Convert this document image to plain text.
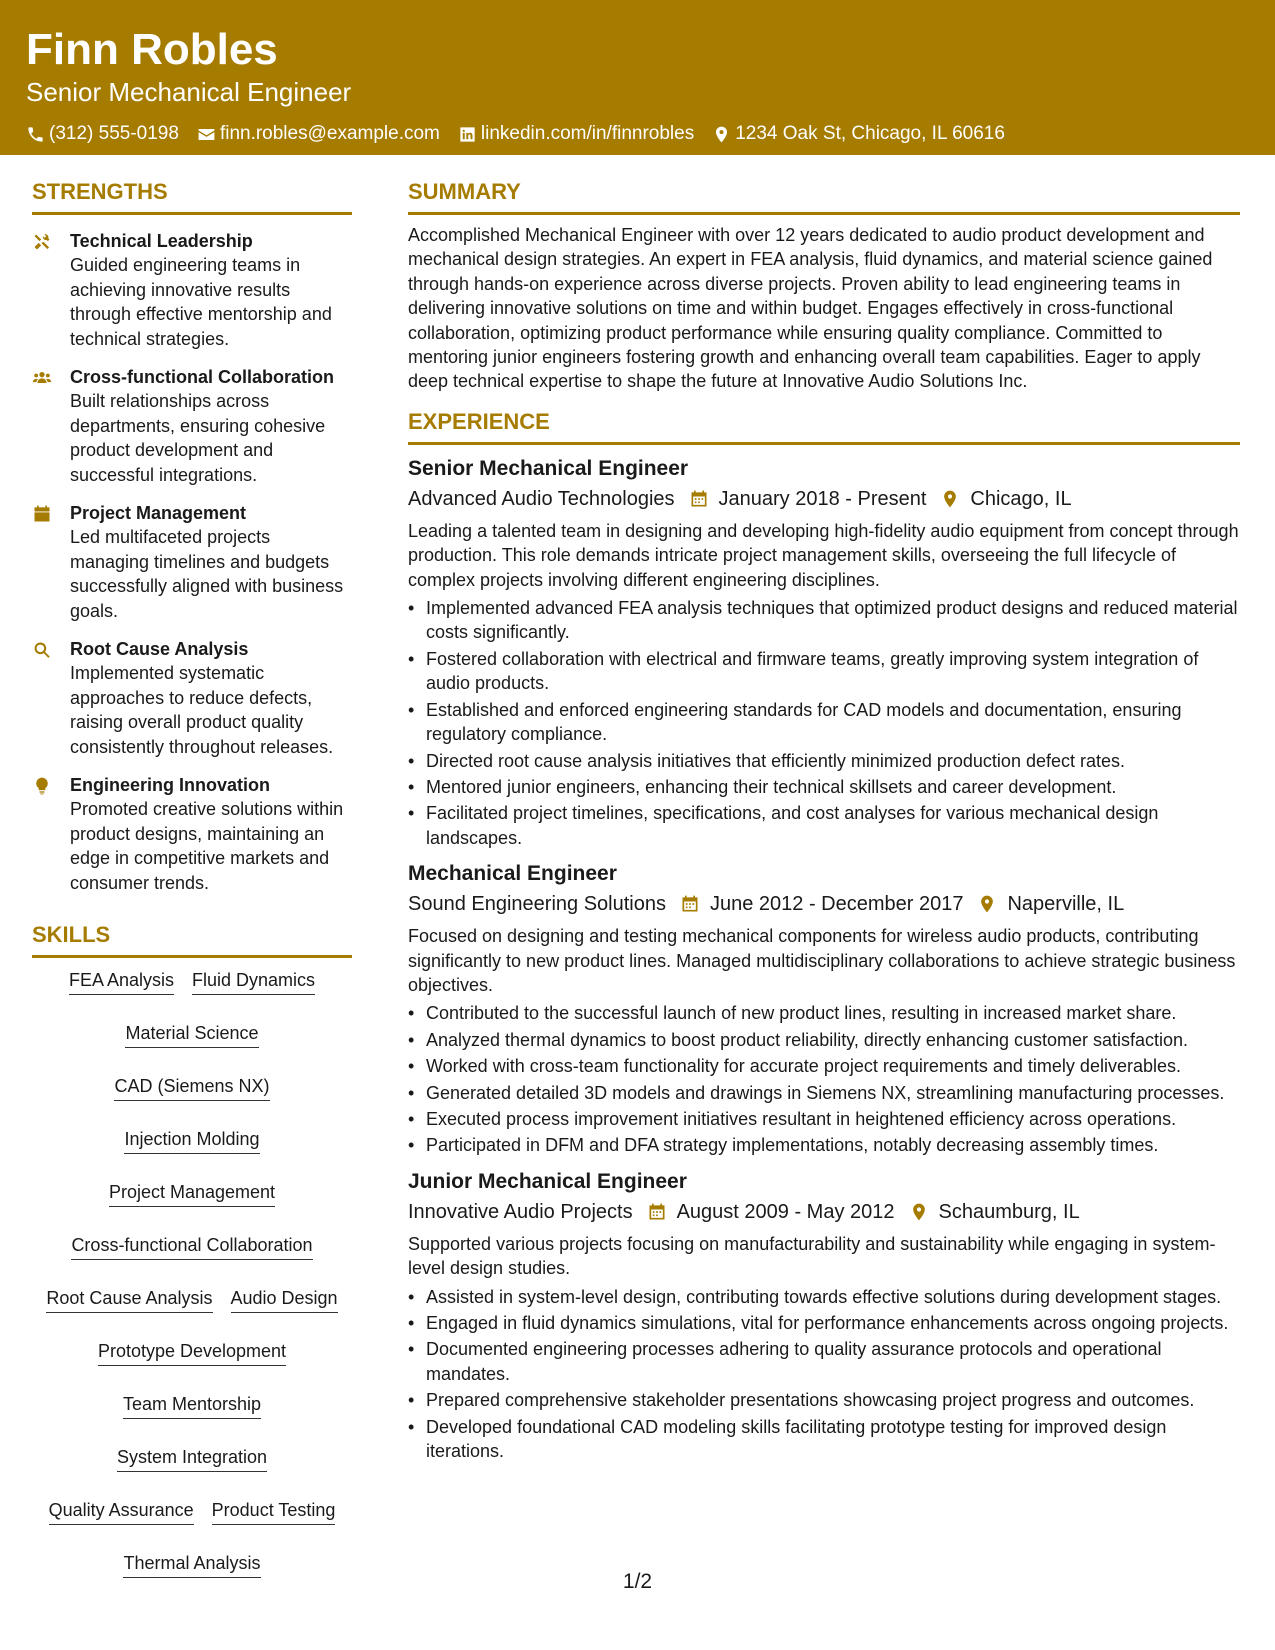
Finn Robles
Senior Mechanical Engineer
(312) 555-0198 finn.robles@example.com linkedin.com/in/finnrobles 1234 Oak St, Chicago, IL 60616
STRENGTHS
Technical Leadership
Guided engineering teams in achieving innovative results through effective mentorship and technical strategies.
Cross-functional Collaboration
Built relationships across departments, ensuring cohesive product development and successful integrations.
Project Management
Led multifaceted projects managing timelines and budgets successfully aligned with business goals.
Root Cause Analysis
Implemented systematic approaches to reduce defects, raising overall product quality consistently throughout releases.
Engineering Innovation
Promoted creative solutions within product designs, maintaining an edge in competitive markets and consumer trends.
SKILLS
FEA Analysis Fluid Dynamics
Material Science
CAD (Siemens NX)
Injection Molding
Project Management
Cross-functional Collaboration
Root Cause Analysis Audio Design
Prototype Development
Team Mentorship
System Integration
Quality Assurance Product Testing
Thermal Analysis
SUMMARY
Accomplished Mechanical Engineer with over 12 years dedicated to audio product development and mechanical design strategies. An expert in FEA analysis, fluid dynamics, and material science gained through hands-on experience across diverse projects. Proven ability to lead engineering teams in delivering innovative solutions on time and within budget. Engages effectively in cross-functional collaboration, optimizing product performance while ensuring quality compliance. Committed to mentoring junior engineers fostering growth and enhancing overall team capabilities. Eager to apply deep technical expertise to shape the future at Innovative Audio Solutions Inc.
EXPERIENCE
Senior Mechanical Engineer
Advanced Audio Technologies January 2018 - Present Chicago, IL
Leading a talented team in designing and developing high-fidelity audio equipment from concept through production. This role demands intricate project management skills, overseeing the full lifecycle of complex projects involving different engineering disciplines.
• Implemented advanced FEA analysis techniques that optimized product designs and reduced material costs significantly.
• Fostered collaboration with electrical and firmware teams, greatly improving system integration of audio products.
• Established and enforced engineering standards for CAD models and documentation, ensuring regulatory compliance.
• Directed root cause analysis initiatives that efficiently minimized production defect rates.
• Mentored junior engineers, enhancing their technical skillsets and career development.
• Facilitated project timelines, specifications, and cost analyses for various mechanical design landscapes.
Mechanical Engineer
Sound Engineering Solutions June 2012 - December 2017 Naperville, IL
Focused on designing and testing mechanical components for wireless audio products, contributing significantly to new product lines. Managed multidisciplinary collaborations to achieve strategic business objectives.
• Contributed to the successful launch of new product lines, resulting in increased market share.
• Analyzed thermal dynamics to boost product reliability, directly enhancing customer satisfaction.
• Worked with cross-team functionality for accurate project requirements and timely deliverables.
• Generated detailed 3D models and drawings in Siemens NX, streamlining manufacturing processes.
• Executed process improvement initiatives resultant in heightened efficiency across operations.
• Participated in DFM and DFA strategy implementations, notably decreasing assembly times.
Junior Mechanical Engineer
Innovative Audio Projects August 2009 - May 2012 Schaumburg, IL
Supported various projects focusing on manufacturability and sustainability while engaging in system-level design studies.
• Assisted in system-level design, contributing towards effective solutions during development stages.
• Engaged in fluid dynamics simulations, vital for performance enhancements across ongoing projects.
• Documented engineering processes adhering to quality assurance protocols and operational mandates.
• Prepared comprehensive stakeholder presentations showcasing project progress and outcomes.
• Developed foundational CAD modeling skills facilitating prototype testing for improved design iterations.
1/2
